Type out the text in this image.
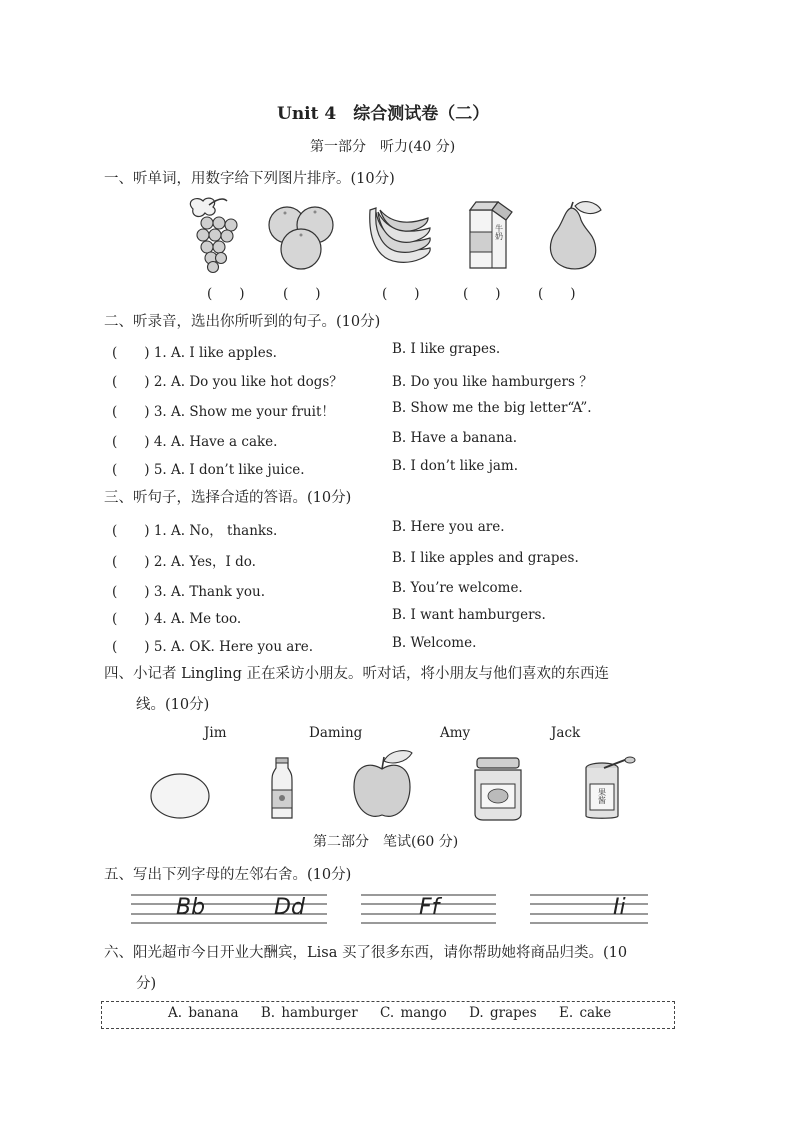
Unit 4　综合测试卷（二）
第一部分　听力(40 分)
一、听单词，用数字给下列图片排序。(10分)
牛奶
(　　)	(　　)	(　　)	(　　)	(　　)
二、听录音，选出你所听到的句子。(10分)
(　　) 1. A. I like apples.	B. I like grapes.
(　　) 2. A. Do you like hot dogs？	B. Do you like hamburgers ？
(　　) 3. A. Show me your fruit！	B. Show me the big letter“A”.
(　　) 4. A. Have a cake.	B. Have a banana.
(　　) 5. A. I don’t like juice.	B. I don’t like jam.
三、听句子，选择合适的答语。(10分)
(　　) 1. A. No， thanks.	B. Here you are.
(　　) 2. A. Yes，I do.	B. I like apples and grapes.
(　　) 3. A. Thank you.	B. You’re welcome.
(　　) 4. A. Me too.	B. I want hamburgers.
(　　) 5. A. OK. Here you are.	B. Welcome.
四、小记者 Lingling 正在采访小朋友。听对话，将小朋友与他们喜欢的东西连
线。(10分)
Jim	Daming	Amy	Jack
果酱
第二部分　笔试(60 分)
五、写出下列字母的左邻右舍。(10分)
Bb	Dd	Ff	Ii
六、阳光超市今日开业大酬宾，Lisa 买了很多东西，请你帮助她将商品归类。(10
分)
A. banana B. hamburger C. mango D. grapes E. cake
